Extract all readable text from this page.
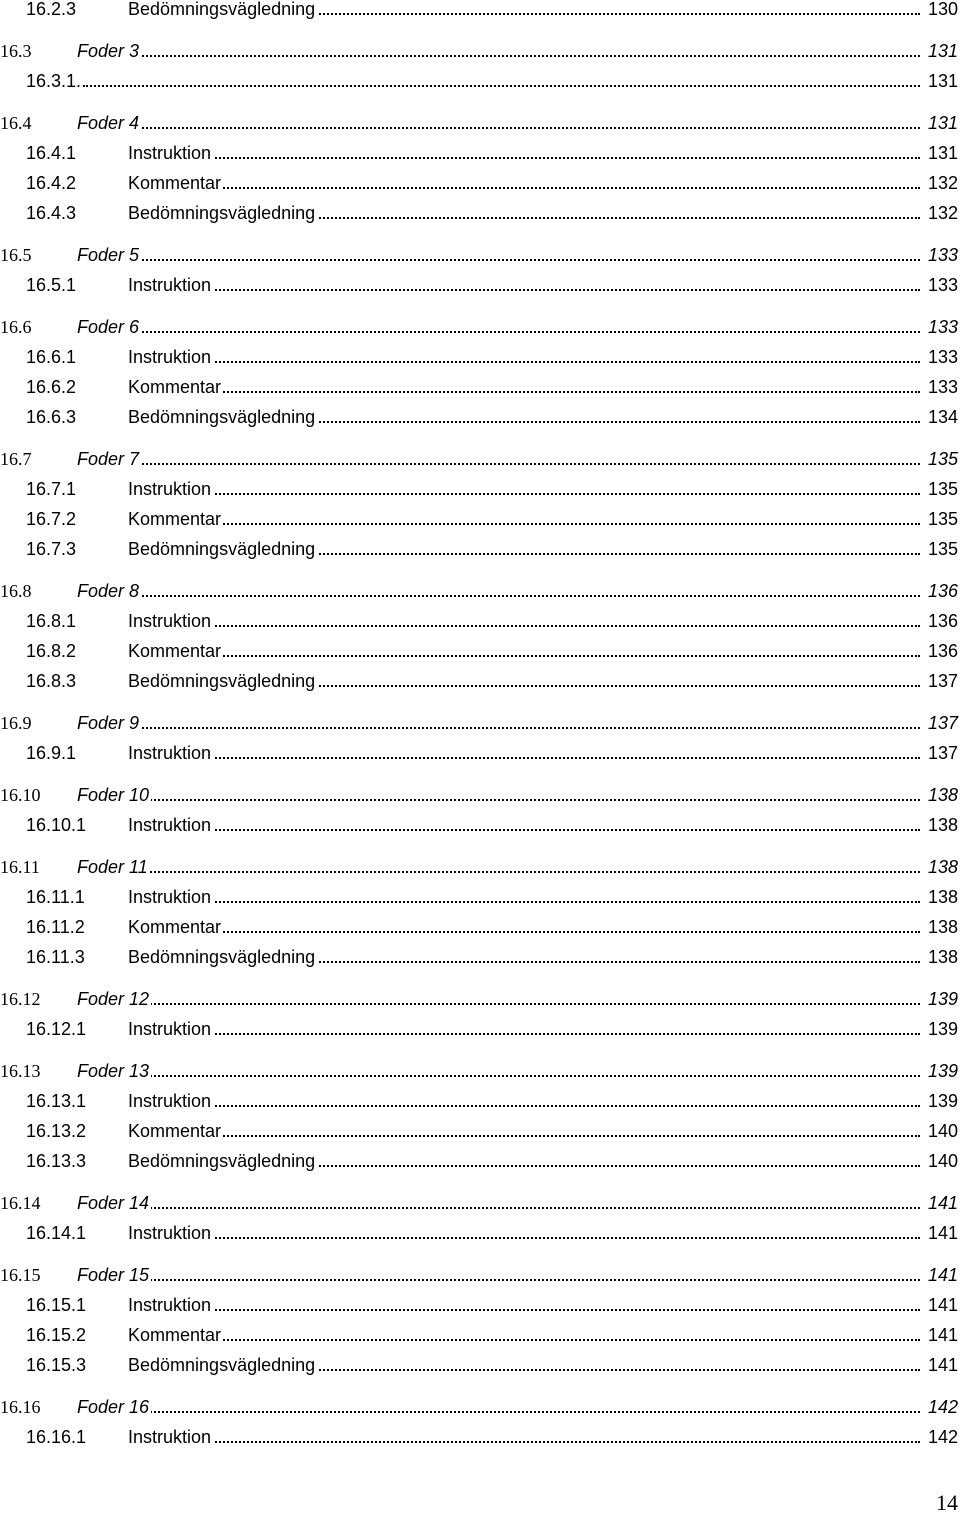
16.2.3	Bedömningsvägledning	130
16.3	Foder 3	131
16.3.1.	131
16.4	Foder 4	131
16.4.1	Instruktion	131
16.4.2	Kommentar	132
16.4.3	Bedömningsvägledning	132
16.5	Foder 5	133
16.5.1	Instruktion	133
16.6	Foder 6	133
16.6.1	Instruktion	133
16.6.2	Kommentar	133
16.6.3	Bedömningsvägledning	134
16.7	Foder 7	135
16.7.1	Instruktion	135
16.7.2	Kommentar	135
16.7.3	Bedömningsvägledning	135
16.8	Foder 8	136
16.8.1	Instruktion	136
16.8.2	Kommentar	136
16.8.3	Bedömningsvägledning	137
16.9	Foder 9	137
16.9.1	Instruktion	137
16.10 Foder 10	138
16.10.1 Instruktion	138
16.11 Foder 11	138
16.11.1 Instruktion	138
16.11.2 Kommentar	138
16.11.3 Bedömningsvägledning	138
16.12 Foder 12	139
16.12.1 Instruktion	139
16.13 Foder 13	139
16.13.1 Instruktion	139
16.13.2 Kommentar	140
16.13.3 Bedömningsvägledning	140
16.14 Foder 14	141
16.14.1 Instruktion	141
16.15 Foder 15	141
16.15.1 Instruktion	141
16.15.2 Kommentar	141
16.15.3 Bedömningsvägledning	141
16.16 Foder 16	142
16.16.1 Instruktion	142
14
